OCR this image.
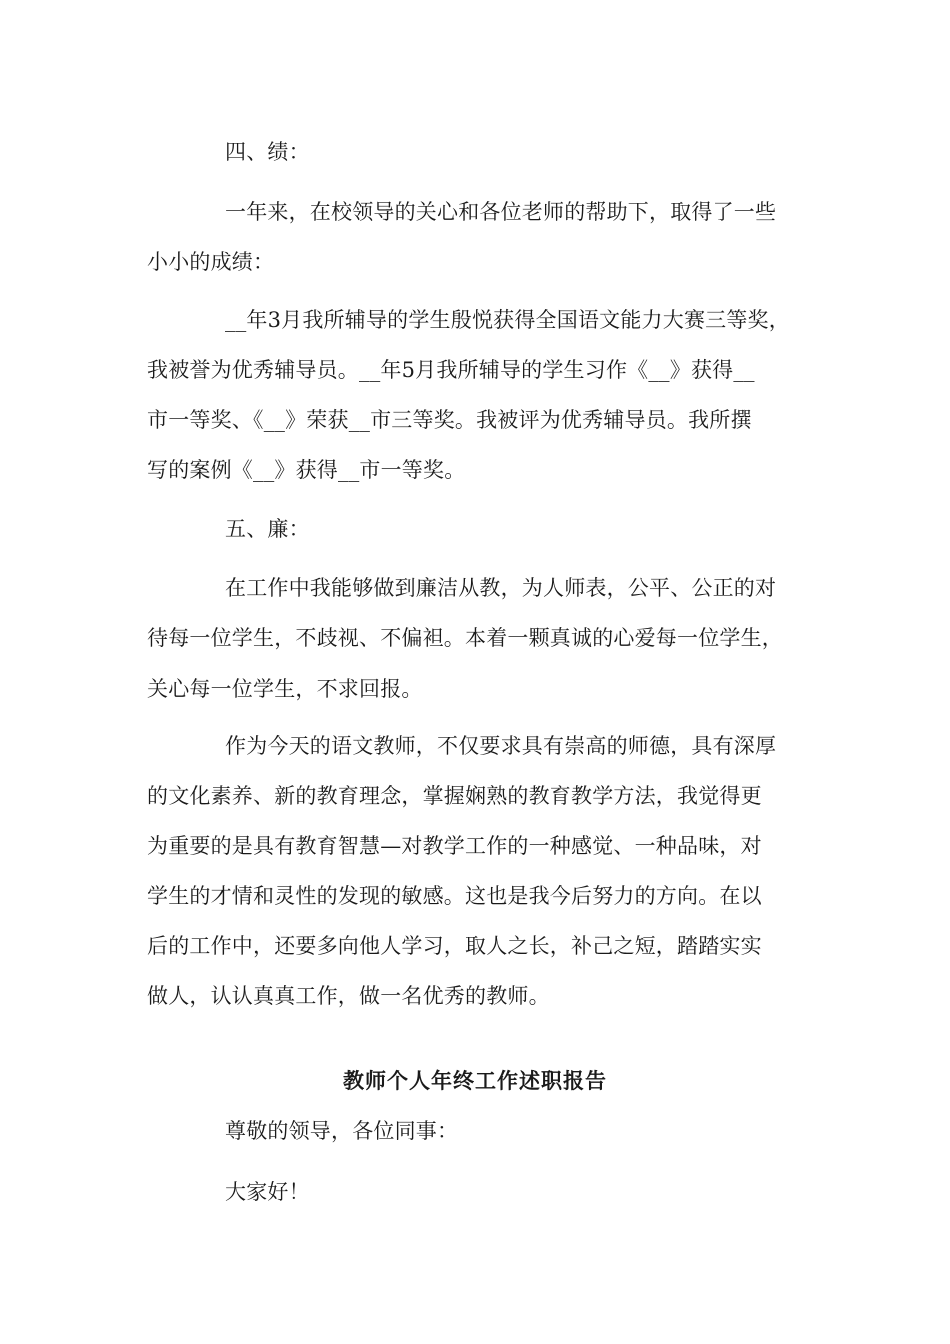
四、绩：
一年来，在校领导的关心和各位老师的帮助下，取得了一些
小小的成绩：
__年3月我所辅导的学生殷悦获得全国语文能力大赛三等奖，
我被誉为优秀辅导员。__年5月我所辅导的学生习作《__》获得__
市一等奖、《__》荣获__市三等奖。我被评为优秀辅导员。我所撰
写的案例《__》获得__市一等奖。
五、廉：
在工作中我能够做到廉洁从教，为人师表，公平、公正的对
待每一位学生，不歧视、不偏袒。本着一颗真诚的心爱每一位学生，
关心每一位学生，不求回报。
作为今天的语文教师，不仅要求具有崇高的师德，具有深厚
的文化素养、新的教育理念，掌握娴熟的教育教学方法，我觉得更
为重要的是具有教育智慧—对教学工作的一种感觉、一种品味，对
学生的才情和灵性的发现的敏感。这也是我今后努力的方向。在以
后的工作中，还要多向他人学习，取人之长，补己之短，踏踏实实
做人，认认真真工作，做一名优秀的教师。
教师个人年终工作述职报告
尊敬的领导，各位同事：
大家好！
